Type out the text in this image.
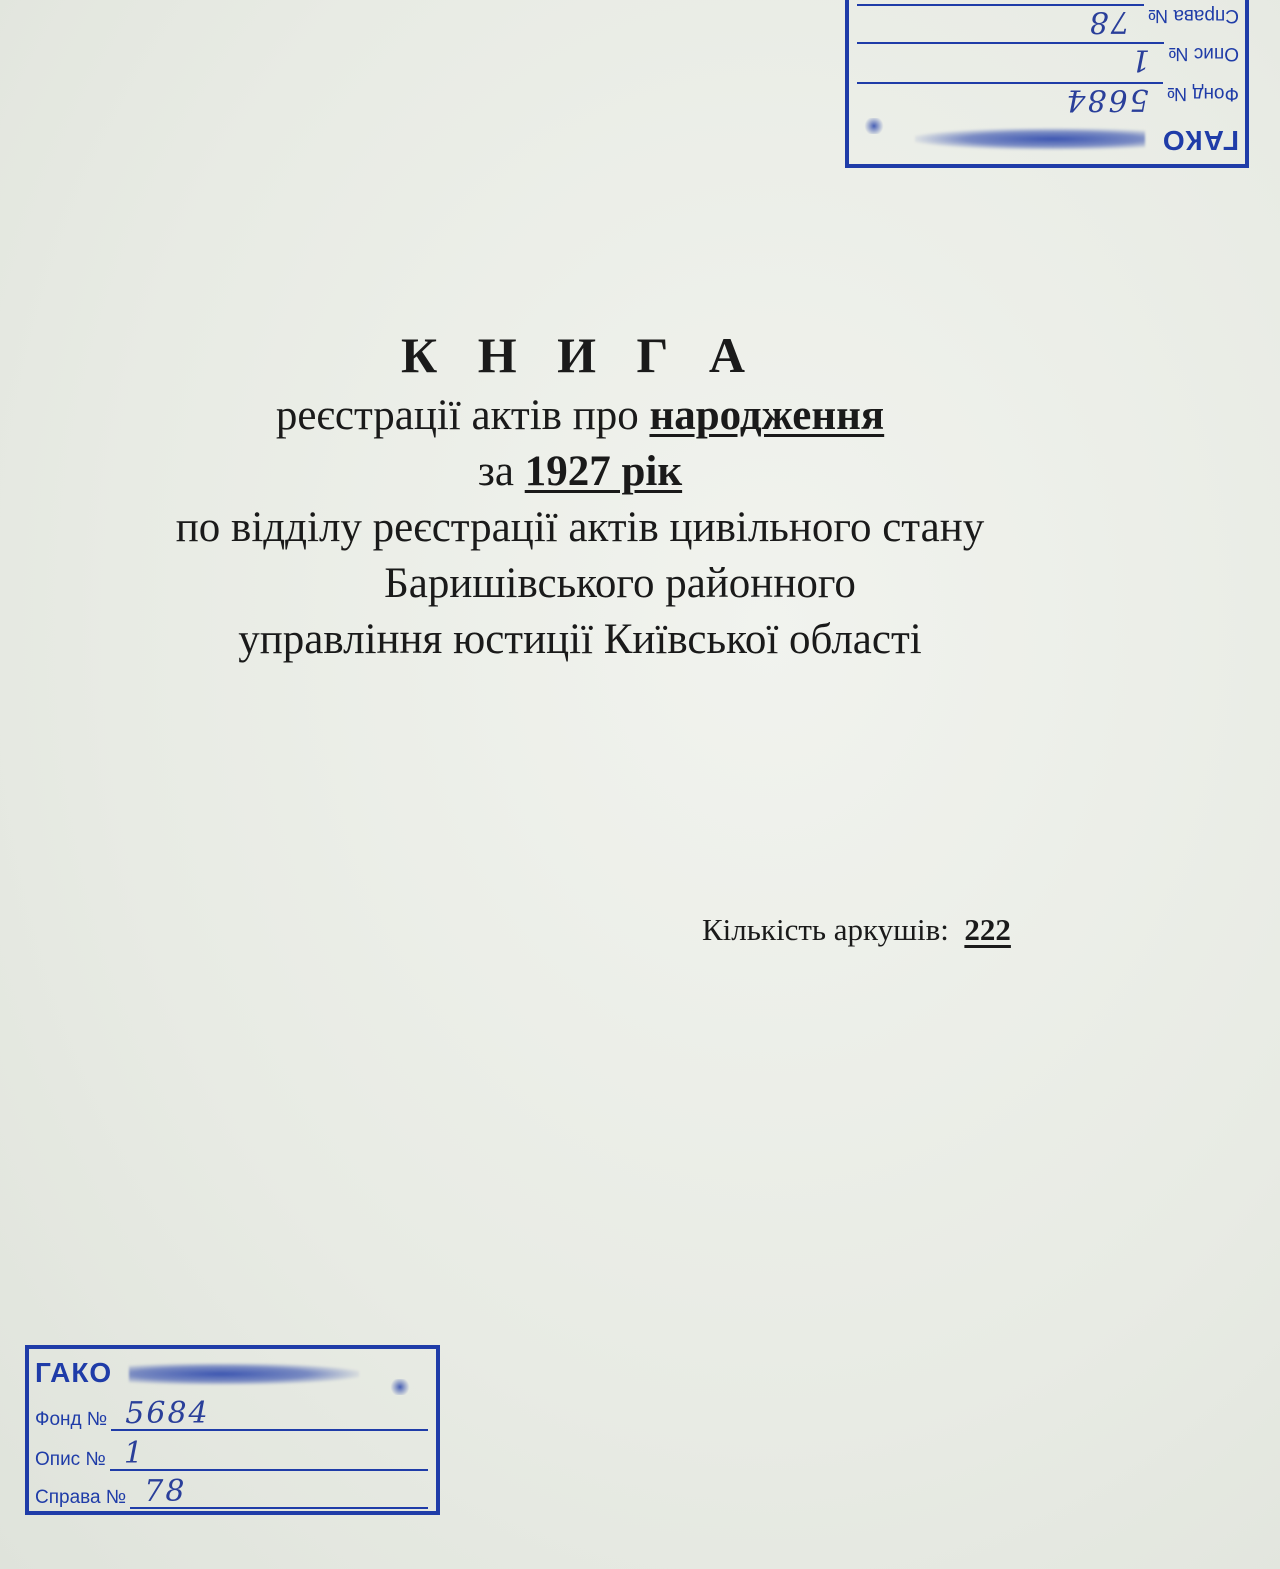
К Н И Г А
реєстрації актів про народження
за 1927 рік
по відділу реєстрації актів цивільного стану
Баришівського районного
управління юстиції Київської області
Кількість аркушів: 222
ГАКО
Фонд №
5684
Опис №
1
Справа №
78
ГАКО
Фонд № 5684
Опис № 1
Справа № 78
